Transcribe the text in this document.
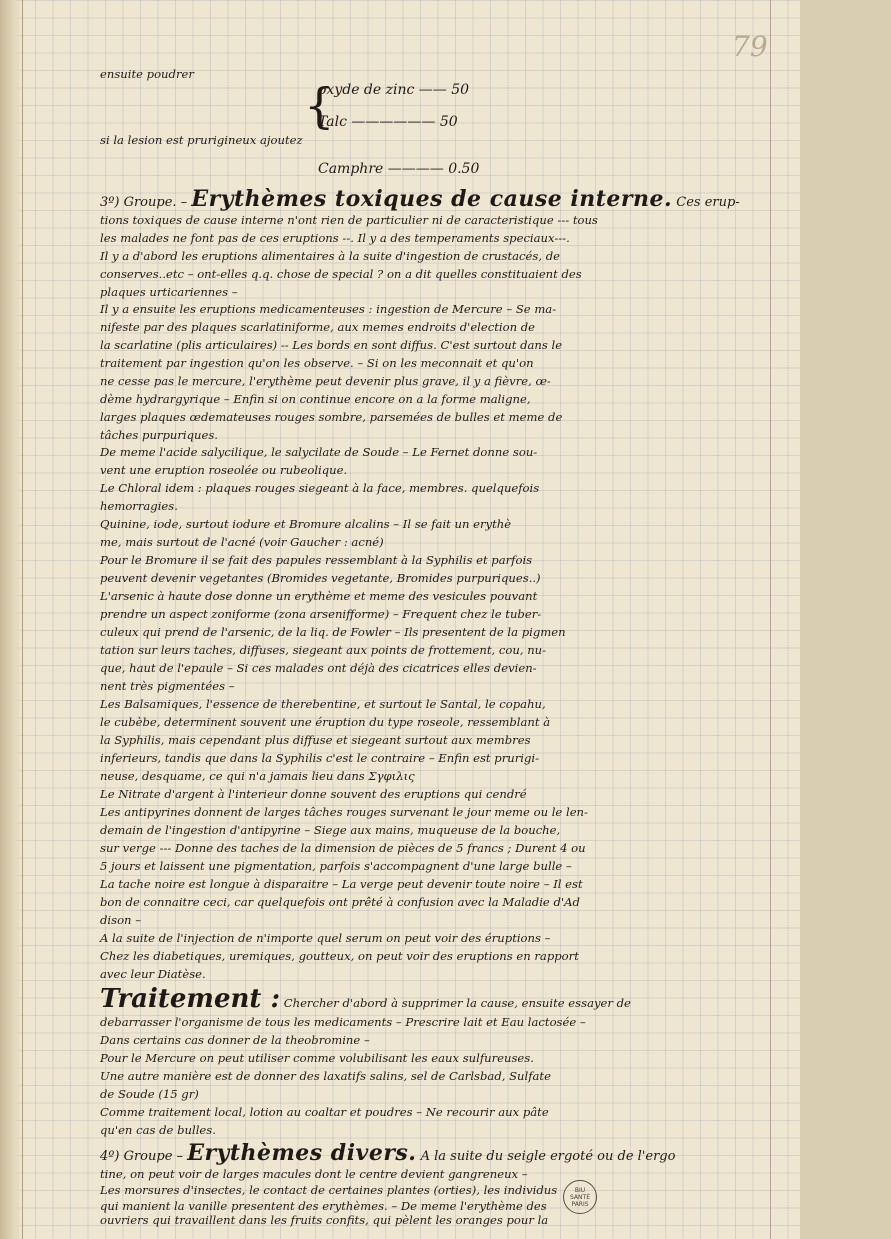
79
ensuite poudrer
{
oxyde de zinc —— 50
Talc —————— 50
si la lesion est prurigineux ajoutez
Camphre ———— 0.50
3º) Groupe. – Erythèmes toxiques de cause interne. Ces erup-
tions toxiques de cause interne n'ont rien de particulier ni de caracteristique --- tous
les malades ne font pas de ces eruptions --. Il y a des temperaments speciaux---.
Il y a d'abord les eruptions alimentaires à la suite d'ingestion de crustacés, de
conserves..etc – ont-elles q.q. chose de special ? on a dit quelles constituaient des
plaques urticariennes –
Il y a ensuite les eruptions medicamenteuses : ingestion de Mercure – Se ma-
nifeste par des plaques scarlatiniforme, aux memes endroits d'election de
la scarlatine (plis articulaires) -- Les bords en sont diffus. C'est surtout dans le
traitement par ingestion qu'on les observe. – Si on les meconnait et qu'on
ne cesse pas le mercure, l'erythème peut devenir plus grave, il y a fièvre, œ-
dème hydrargyrique – Enfin si on continue encore on a la forme maligne,
larges plaques œdemateuses rouges sombre, parsemées de bulles et meme de
tâches purpuriques.
De meme l'acide salycilique, le salycilate de Soude – Le Fernet donne sou-
vent une eruption roseolée ou rubeolique.
Le Chloral idem : plaques rouges siegeant à la face, membres. quelquefois
hemorragies.
Quinine, iode, surtout iodure et Bromure alcalins – Il se fait un erythè
me, mais surtout de l'acné (voir Gaucher : acné)
Pour le Bromure il se fait des papules ressemblant à la Syphilis et parfois
peuvent devenir vegetantes (Bromides vegetante, Bromides purpuriques..)
L'arsenic à haute dose donne un erythème et meme des vesicules pouvant
prendre un aspect zoniforme (zona arsenifforme) – Frequent chez le tuber-
culeux qui prend de l'arsenic, de la liq. de Fowler – Ils presentent de la pigmen
tation sur leurs taches, diffuses, siegeant aux points de frottement, cou, nu-
que, haut de l'epaule – Si ces malades ont déjà des cicatrices elles devien-
nent très pigmentées –
Les Balsamiques, l'essence de therebentine, et surtout le Santal, le copahu,
le cubèbe, determinent souvent une éruption du type roseole, ressemblant à
la Syphilis, mais cependant plus diffuse et siegeant surtout aux membres
inferieurs, tandis que dans la Syphilis c'est le contraire – Enfin est prurigi-
neuse, desquame, ce qui n'a jamais lieu dans Σγφιλις
Le Nitrate d'argent à l'interieur donne souvent des eruptions qui cendré
Les antipyrines donnent de larges tâches rouges survenant le jour meme ou le len-
demain de l'ingestion d'antipyrine – Siege aux mains, muqueuse de la bouche,
sur verge --- Donne des taches de la dimension de pièces de 5 francs ; Durent 4 ou
5 jours et laissent une pigmentation, parfois s'accompagnent d'une large bulle –
La tache noire est longue à disparaitre – La verge peut devenir toute noire – Il est
bon de connaitre ceci, car quelquefois ont prêté à confusion avec la Maladie d'Ad
dison –
A la suite de l'injection de n'importe quel serum on peut voir des éruptions –
Chez les diabetiques, uremiques, goutteux, on peut voir des eruptions en rapport
avec leur Diatèse.
Traitement : Chercher d'abord à supprimer la cause, ensuite essayer de
debarrasser l'organisme de tous les medicaments – Prescrire lait et Eau lactosée –
Dans certains cas donner de la theobromine –
Pour le Mercure on peut utiliser comme volubilisant les eaux sulfureuses.
Une autre manière est de donner des laxatifs salins, sel de Carlsbad, Sulfate
de Soude (15 gr)
Comme traitement local, lotion au coaltar et poudres – Ne recourir aux pâte
qu'en cas de bulles.
4º) Groupe – Erythèmes divers. A la suite du seigle ergoté ou de l'ergo
tine, on peut voir de larges macules dont le centre devient gangreneux –
Les morsures d'insectes, le contact de certaines plantes (orties), les individus
qui manient la vanille presentent des erythèmes. – De meme l'erythème des
ouvriers qui travaillent dans les fruits confits, qui pèlent les oranges pour la
BIU
SANTÉ
PARIS
